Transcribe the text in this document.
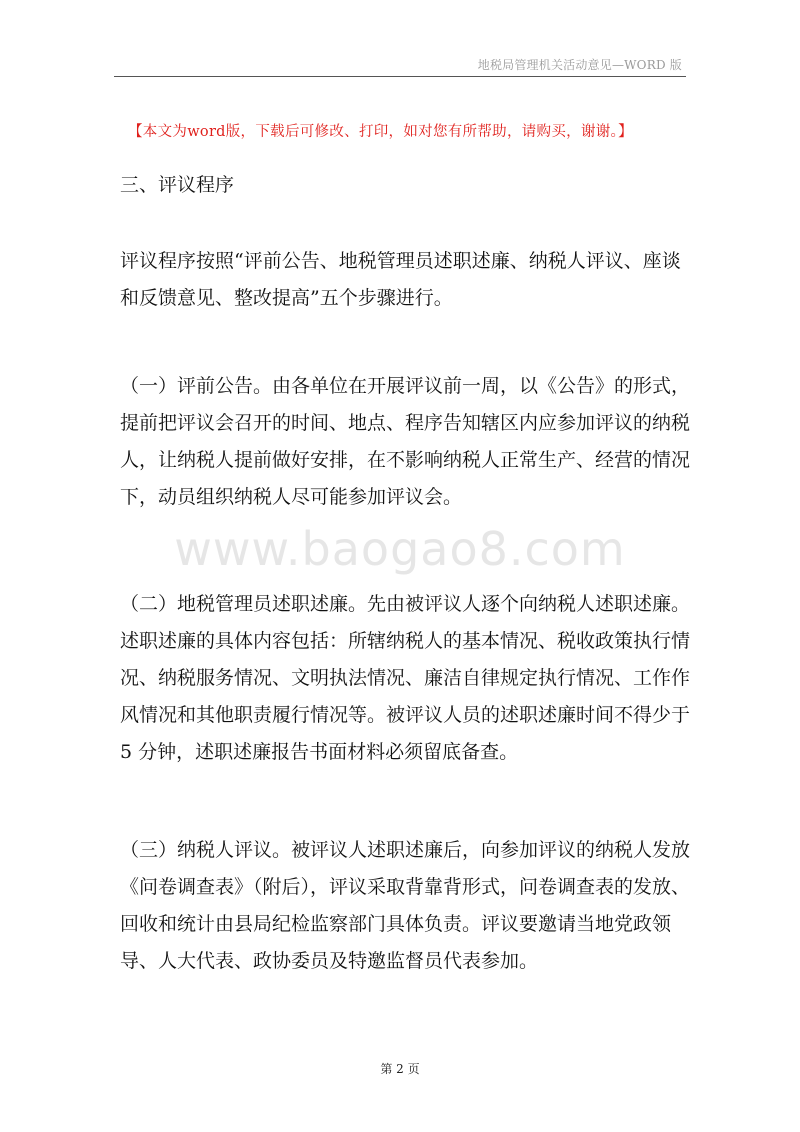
地税局管理机关活动意见—WORD 版
【本文为word版，下载后可修改、打印，如对您有所帮助，请购买，谢谢。】
三、评议程序
www.baogao8.com
评议程序按照“评前公告、地税管理员述职述廉、纳税人评议、座谈
和反馈意见、整改提高”五个步骤进行。
（一）评前公告。由各单位在开展评议前一周，以《公告》的形式，
提前把评议会召开的时间、地点、程序告知辖区内应参加评议的纳税
人，让纳税人提前做好安排，在不影响纳税人正常生产、经营的情况
下，动员组织纳税人尽可能参加评议会。
（二）地税管理员述职述廉。先由被评议人逐个向纳税人述职述廉。
述职述廉的具体内容包括：所辖纳税人的基本情况、税收政策执行情
况、纳税服务情况、文明执法情况、廉洁自律规定执行情况、工作作
风情况和其他职责履行情况等。被评议人员的述职述廉时间不得少于
5 分钟，述职述廉报告书面材料必须留底备查。
（三）纳税人评议。被评议人述职述廉后，向参加评议的纳税人发放
《问卷调查表》（附后），评议采取背靠背形式，问卷调查表的发放、
回收和统计由县局纪检监察部门具体负责。评议要邀请当地党政领
导、人大代表、政协委员及特邀监督员代表参加。
第 2 页
